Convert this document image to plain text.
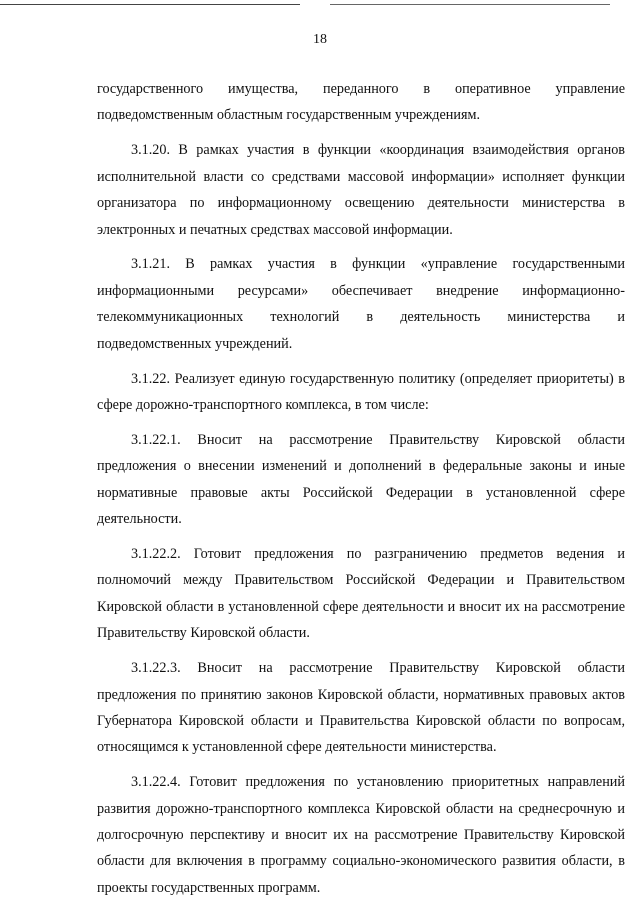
18

государственного имущества, переданного в оперативное управление подведомственным областным государственным учреждениям.

3.1.20. В рамках участия в функции «координация взаимодействия органов исполнительной власти со средствами массовой информации» исполняет функции организатора по информационному освещению деятельности министерства в электронных и печатных средствах массовой информации.

3.1.21. В рамках участия в функции «управление государственными информационными ресурсами» обеспечивает внедрение информационно-телекоммуникационных технологий в деятельность министерства и подведомственных учреждений.

3.1.22. Реализует единую государственную политику (определяет приоритеты) в сфере дорожно-транспортного комплекса, в том числе:

3.1.22.1. Вносит на рассмотрение Правительству Кировской области предложения о внесении изменений и дополнений в федеральные законы и иные нормативные правовые акты Российской Федерации в установленной сфере деятельности.

3.1.22.2. Готовит предложения по разграничению предметов ведения и полномочий между Правительством Российской Федерации и Правительством Кировской области в установленной сфере деятельности и вносит их на рассмотрение Правительству Кировской области.

3.1.22.3. Вносит на рассмотрение Правительству Кировской области предложения по принятию законов Кировской области, нормативных правовых актов Губернатора Кировской области и Правительства Кировской области по вопросам, относящимся к установленной сфере деятельности министерства.

3.1.22.4. Готовит предложения по установлению приоритетных направлений развития дорожно-транспортного комплекса Кировской области на среднесрочную и долгосрочную перспективу и вносит их на рассмотрение Правительству Кировской области для включения в программу социально-экономического развития области, в проекты государственных программ.
